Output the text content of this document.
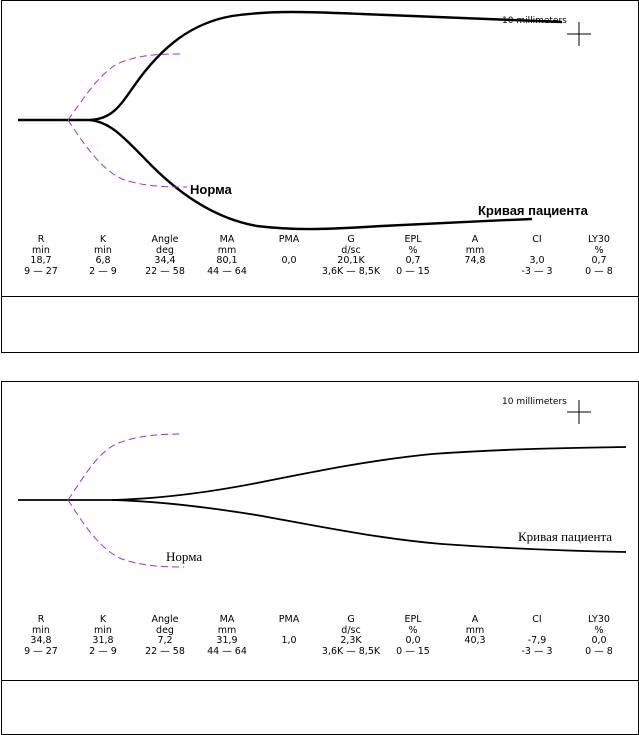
10 millimeters
Норма
Кривая пациента
R	K	Angle	MA	PMA	G	EPL	A	CI	LY30
min	min	deg	mm		d/sc	%	mm		%
18,7	6,8	34,4	80,1	0,0	20,1K	0,7	74,8	3,0	0,7
9 — 27	2 — 9	22 — 58	44 — 64		3,6K — 8,5K	0 — 15		-3 — 3	0 — 8
10 millimeters
Норма
Кривая пациента
R	K	Angle	MA	PMA	G	EPL	A	CI	LY30
min	min	deg	mm		d/sc	%	mm		%
34,8	31,8	7,2	31,9	1,0	2,3K	0,0	40,3	-7,9	0,0
9 — 27	2 — 9	22 — 58	44 — 64		3,6K — 8,5K	0 — 15		-3 — 3	0 — 8
